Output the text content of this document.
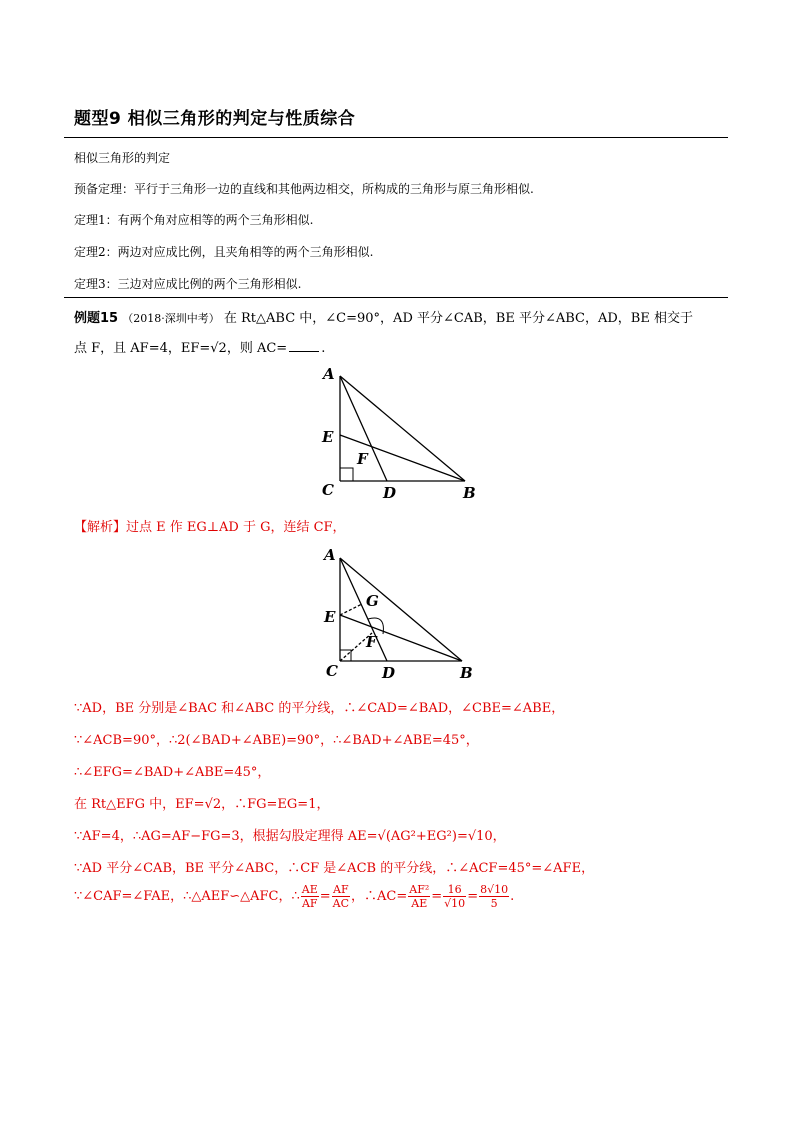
题型9 相似三角形的判定与性质综合
相似三角形的判定
预备定理：平行于三角形一边的直线和其他两边相交，所构成的三角形与原三角形相似.
定理1：有两个角对应相等的两个三角形相似.
定理2：两边对应成比例，且夹角相等的两个三角形相似.
定理3：三边对应成比例的两个三角形相似.
例题15 （2018·深圳中考） 在 Rt△ABC 中，∠C=90°，AD 平分∠CAB，BE 平分∠ABC，AD，BE 相交于
点 F，且 AF=4，EF=√2，则 AC=	.
A
E
F
C	D	B
【解析】过点 E 作 EG⊥AD 于 G，连结 CF，
A
E
G
F
C	D	B
∵AD，BE 分别是∠BAC 和∠ABC 的平分线，∴∠CAD=∠BAD，∠CBE=∠ABE，
∵∠ACB=90°，∴2(∠BAD+∠ABE)=90°，∴∠BAD+∠ABE=45°，
∴∠EFG=∠BAD+∠ABE=45°，
在 Rt△EFG 中，EF=√2，∴FG=EG=1，
∵AF=4，∴AG=AF−FG=3，根据勾股定理得 AE=√(AG²+EG²)=√10，
∵AD 平分∠CAB，BE 平分∠ABC，∴CF 是∠ACB 的平分线，∴∠ACF=45°=∠AFE，
∵∠CAF=∠FAE，∴△AEF∽△AFC，∴ $\frac{AE}{AF} = \frac{AF}{AC}$ ，∴AC= $\frac{\text{AF²}}{AE} = \frac{16}{√10} = \frac{8√10}{5}$ .
